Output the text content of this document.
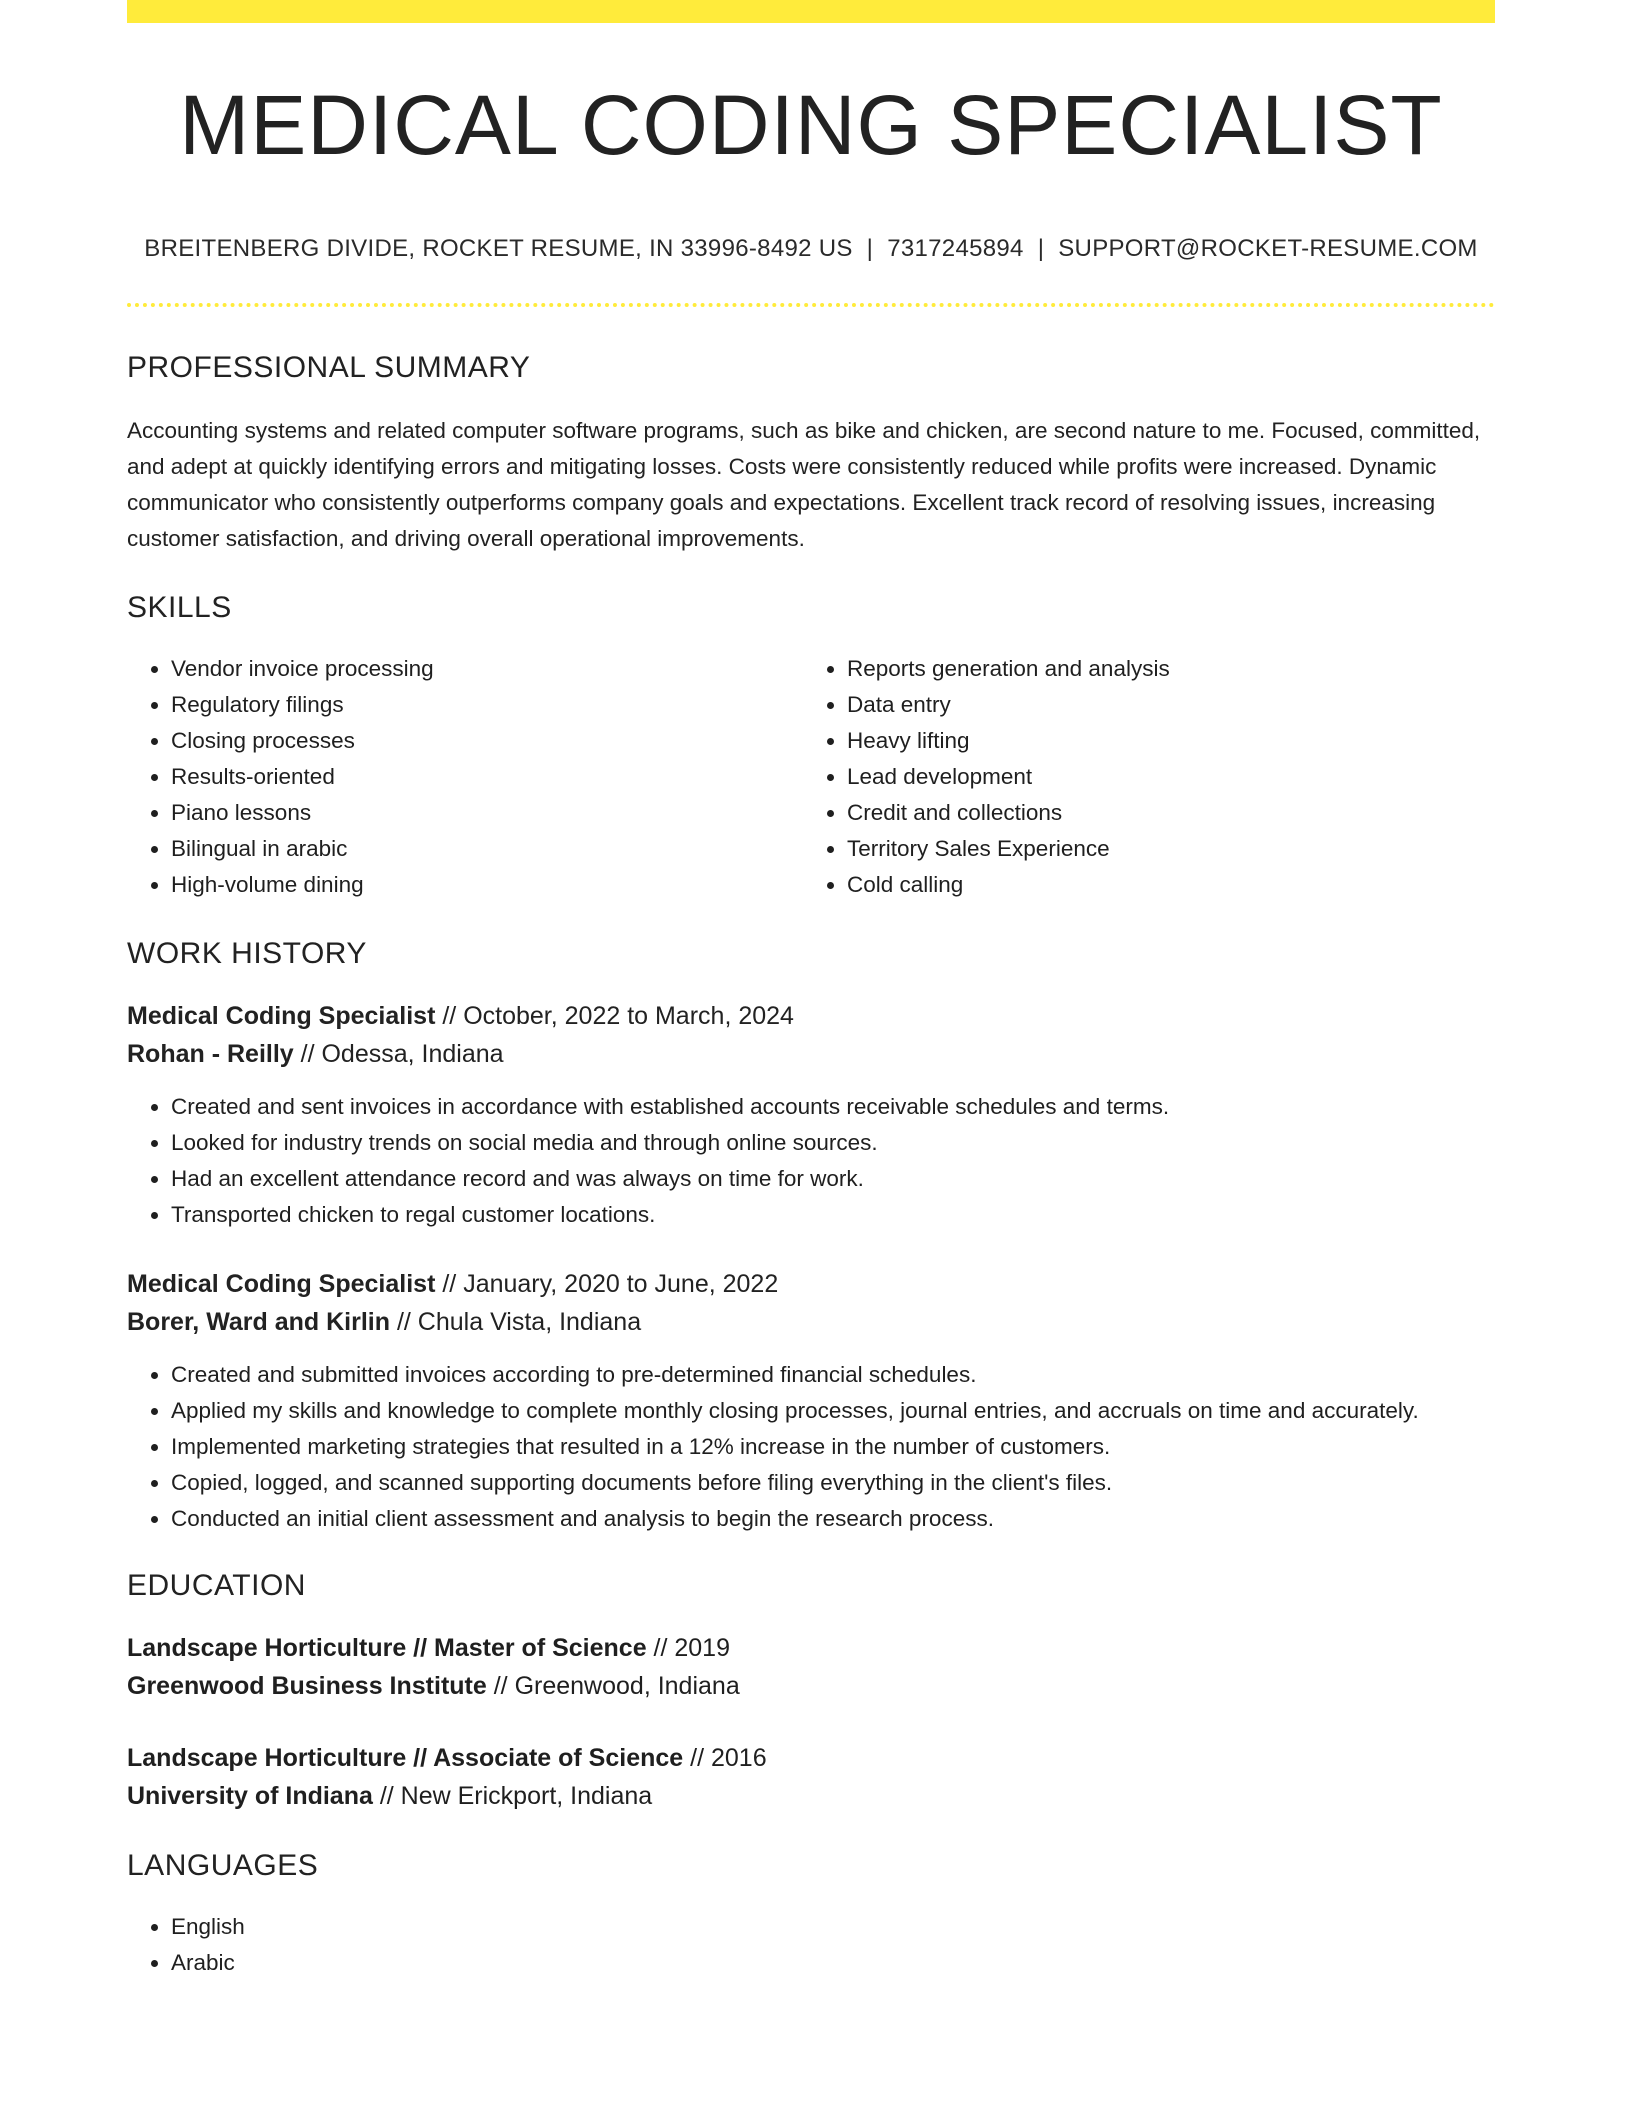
MEDICAL CODING SPECIALIST
BREITENBERG DIVIDE, ROCKET RESUME, IN 33996-8492 US | 7317245894 | SUPPORT@ROCKET-RESUME.COM
PROFESSIONAL SUMMARY

Accounting systems and related computer software programs, such as bike and chicken, are second nature to me. Focused, committed, and adept at quickly identifying errors and mitigating losses. Costs were consistently reduced while profits were increased. Dynamic communicator who consistently outperforms company goals and expectations. Excellent track record of resolving issues, increasing customer satisfaction, and driving overall operational improvements.

SKILLS
• Vendor invoice processing
• Regulatory filings
• Closing processes
• Results-oriented
• Piano lessons
• Bilingual in arabic
• High-volume dining
• Reports generation and analysis
• Data entry
• Heavy lifting
• Lead development
• Credit and collections
• Territory Sales Experience
• Cold calling
WORK HISTORY
Medical Coding Specialist // October, 2022 to March, 2024
Rohan - Reilly // Odessa, Indiana
• Created and sent invoices in accordance with established accounts receivable schedules and terms.
• Looked for industry trends on social media and through online sources.
• Had an excellent attendance record and was always on time for work.
• Transported chicken to regal customer locations.
Medical Coding Specialist // January, 2020 to June, 2022
Borer, Ward and Kirlin // Chula Vista, Indiana
• Created and submitted invoices according to pre-determined financial schedules.
• Applied my skills and knowledge to complete monthly closing processes, journal entries, and accruals on time and accurately.
• Implemented marketing strategies that resulted in a 12% increase in the number of customers.
• Copied, logged, and scanned supporting documents before filing everything in the client's files.
• Conducted an initial client assessment and analysis to begin the research process.
EDUCATION
Landscape Horticulture // Master of Science // 2019
Greenwood Business Institute // Greenwood, Indiana
Landscape Horticulture // Associate of Science // 2016
University of Indiana // New Erickport, Indiana
LANGUAGES
• English
• Arabic
